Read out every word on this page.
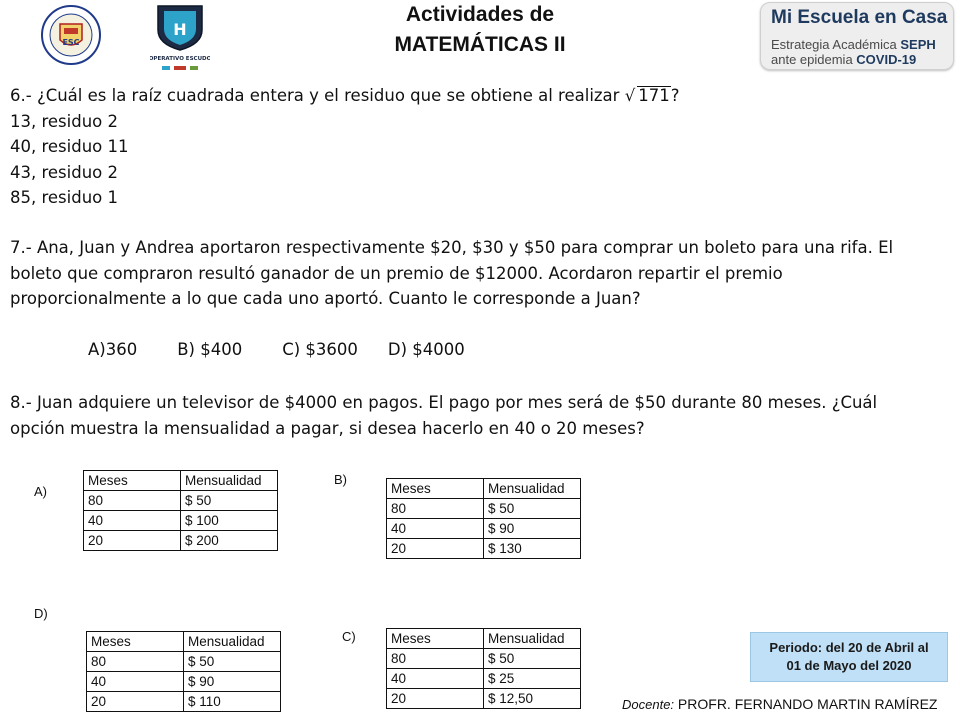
ESC
H
OPERATIVO ESCUDO
Actividades de
MATEMÁTICAS II
Mi Escuela en Casa
Estrategia Académica SEPH
ante epidemia COVID-19

6.- ¿Cuál es la raíz cuadrada entera y el residuo que se obtiene al realizar √ 171?

13, residuo 2

40, residuo 11

43, residuo 2

85, residuo 1

7.- Ana, Juan y Andrea aportaron respectivamente $20, $30 y $50 para comprar un boleto para una rifa. El

boleto que compraron resultó ganador de un premio de $12000. Acordaron repartir el premio

proporcionalmente a lo que cada uno aportó. Cuanto le corresponde a Juan?

A)360 B) $400 C) $3600 D) $4000

8.- Juan adquiere un televisor de $4000 en pagos. El pago por mes será de $50 durante 80 meses. ¿Cuál

opción muestra la mensualidad a pagar, si desea hacerlo en 40 o 20 meses?

A)
Meses	Mensualidad
80	$ 50
40	$ 100
20	$ 200
B)
Meses	Mensualidad
80	$ 50
40	$ 90
20	$ 130
D)
Meses	Mensualidad
80	$ 50
40	$ 90
20	$ 110
C)	Meses	Mensualidad
80	$ 50
40	$ 25
20	$ 12,50
Periodo: del 20 de Abril al
01 de Mayo del 2020
Docente: PROFR. FERNANDO MARTIN RAMÍREZ
